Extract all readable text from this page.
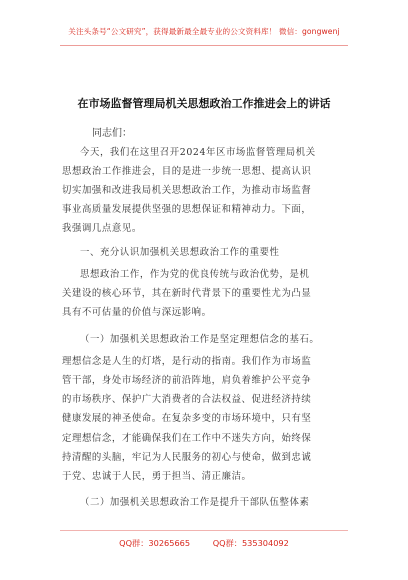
关注头条号“公文研究”，获得最新最全最专业的公文资料库！ 微信：gongwenj
在市场监督管理局机关思想政治工作推进会上的讲话
同志们：
今天，我们在这里召开2024年区市场监督管理局机关
思想政治工作推进会，目的是进一步统一思想、提高认识
切实加强和改进我局机关思想政治工作，为推动市场监督
事业高质量发展提供坚强的思想保证和精神动力。下面，
我强调几点意见。
一、充分认识加强机关思想政治工作的重要性
思想政治工作，作为党的优良传统与政治优势，是机
关建设的核心环节，其在新时代背景下的重要性尤为凸显
具有不可估量的价值与深远影响。
（一）加强机关思想政治工作是坚定理想信念的基石。
理想信念是人生的灯塔，是行动的指南。我们作为市场监
管干部，身处市场经济的前沿阵地，肩负着维护公平竞争
的市场秩序、保护广大消费者的合法权益、促进经济持续
健康发展的神圣使命。在复杂多变的市场环境中，只有坚
定理想信念，才能确保我们在工作中不迷失方向，始终保
持清醒的头脑，牢记为人民服务的初心与使命，做到忠诚
于党、忠诚于人民，勇于担当、清正廉洁。
（二）加强机关思想政治工作是提升干部队伍整体素
QQ群：30265665	QQ群：535304092
